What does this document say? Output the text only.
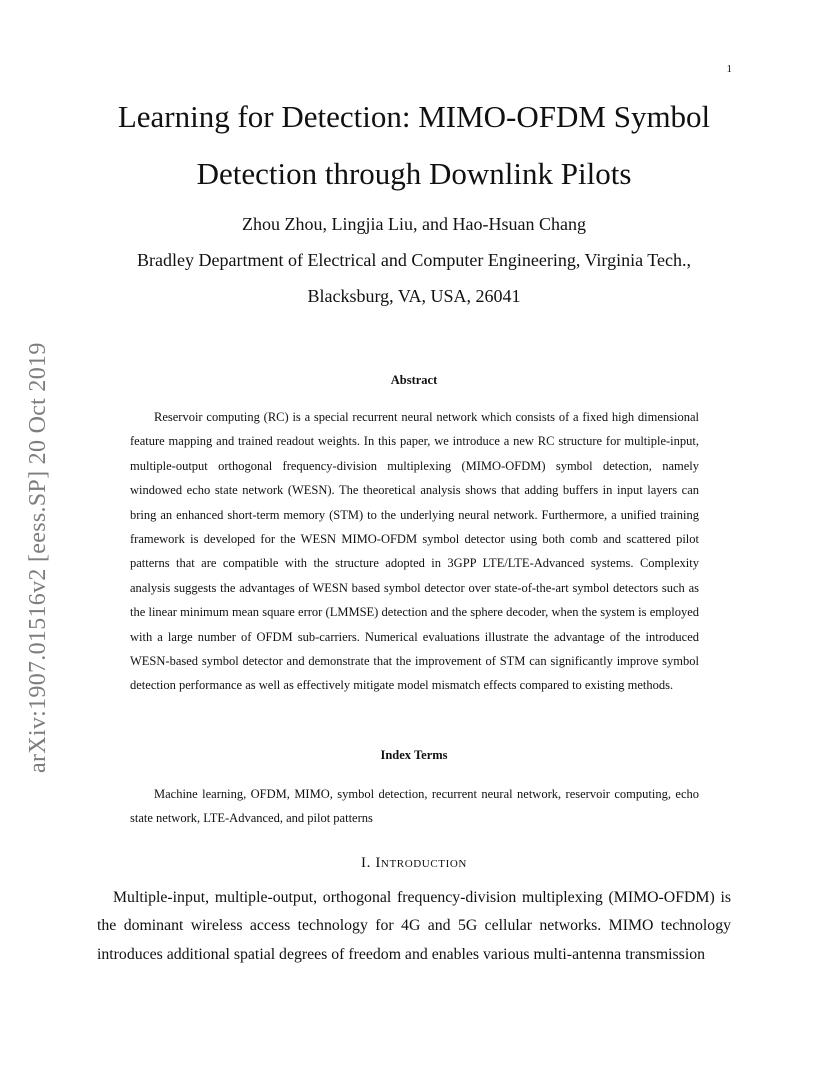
1
arXiv:1907.01516v2 [eess.SP] 20 Oct 2019
Learning for Detection: MIMO-OFDM Symbol
Detection through Downlink Pilots
Zhou Zhou, Lingjia Liu, and Hao-Hsuan Chang
Bradley Department of Electrical and Computer Engineering, Virginia Tech.,
Blacksburg, VA, USA, 26041
Abstract
Reservoir computing (RC) is a special recurrent neural network which consists of a fixed high dimensional feature mapping and trained readout weights. In this paper, we introduce a new RC structure for multiple-input, multiple-output orthogonal frequency-division multiplexing (MIMO-OFDM) symbol detection, namely windowed echo state network (WESN). The theoretical analysis shows that adding buffers in input layers can bring an enhanced short-term memory (STM) to the underlying neural network. Furthermore, a unified training framework is developed for the WESN MIMO-OFDM symbol detector using both comb and scattered pilot patterns that are compatible with the structure adopted in 3GPP LTE/LTE-Advanced systems. Complexity analysis suggests the advantages of WESN based symbol detector over state-of-the-art symbol detectors such as the linear minimum mean square error (LMMSE) detection and the sphere decoder, when the system is employed with a large number of OFDM sub-carriers. Numerical evaluations illustrate the advantage of the introduced WESN-based symbol detector and demonstrate that the improvement of STM can significantly improve symbol detection performance as well as effectively mitigate model mismatch effects compared to existing methods.
Index Terms
Machine learning, OFDM, MIMO, symbol detection, recurrent neural network, reservoir computing, echo state network, LTE-Advanced, and pilot patterns
I. Introduction
Multiple-input, multiple-output, orthogonal frequency-division multiplexing (MIMO-OFDM) is the dominant wireless access technology for 4G and 5G cellular networks. MIMO technology introduces additional spatial degrees of freedom and enables various multi-antenna transmission
